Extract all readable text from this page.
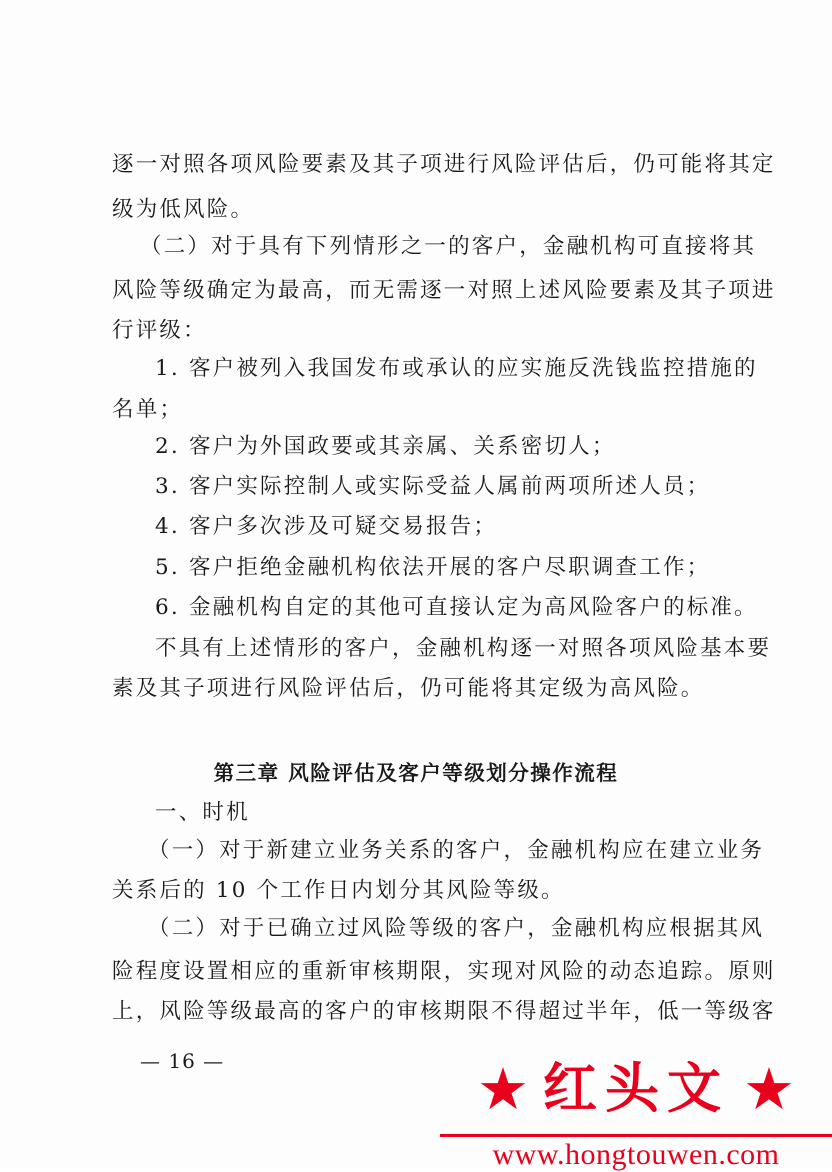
逐一对照各项风险要素及其子项进行风险评估后，仍可能将其定
级为低风险。
（二）对于具有下列情形之一的客户，金融机构可直接将其
风险等级确定为最高，而无需逐一对照上述风险要素及其子项进
行评级：
1. 客户被列入我国发布或承认的应实施反洗钱监控措施的
名单；
2. 客户为外国政要或其亲属、关系密切人；
3. 客户实际控制人或实际受益人属前两项所述人员；
4. 客户多次涉及可疑交易报告；
5. 客户拒绝金融机构依法开展的客户尽职调查工作；
6. 金融机构自定的其他可直接认定为高风险客户的标准。
不具有上述情形的客户，金融机构逐一对照各项风险基本要
素及其子项进行风险评估后，仍可能将其定级为高风险。
第三章 风险评估及客户等级划分操作流程
一、时机
（一）对于新建立业务关系的客户，金融机构应在建立业务
关系后的 10 个工作日内划分其风险等级。
（二）对于已确立过风险等级的客户，金融机构应根据其风
险程度设置相应的重新审核期限，实现对风险的动态追踪。原则
上，风险等级最高的客户的审核期限不得超过半年，低一等级客
— 16 —	★ 红头文 ★
www.hongtouwen.com
